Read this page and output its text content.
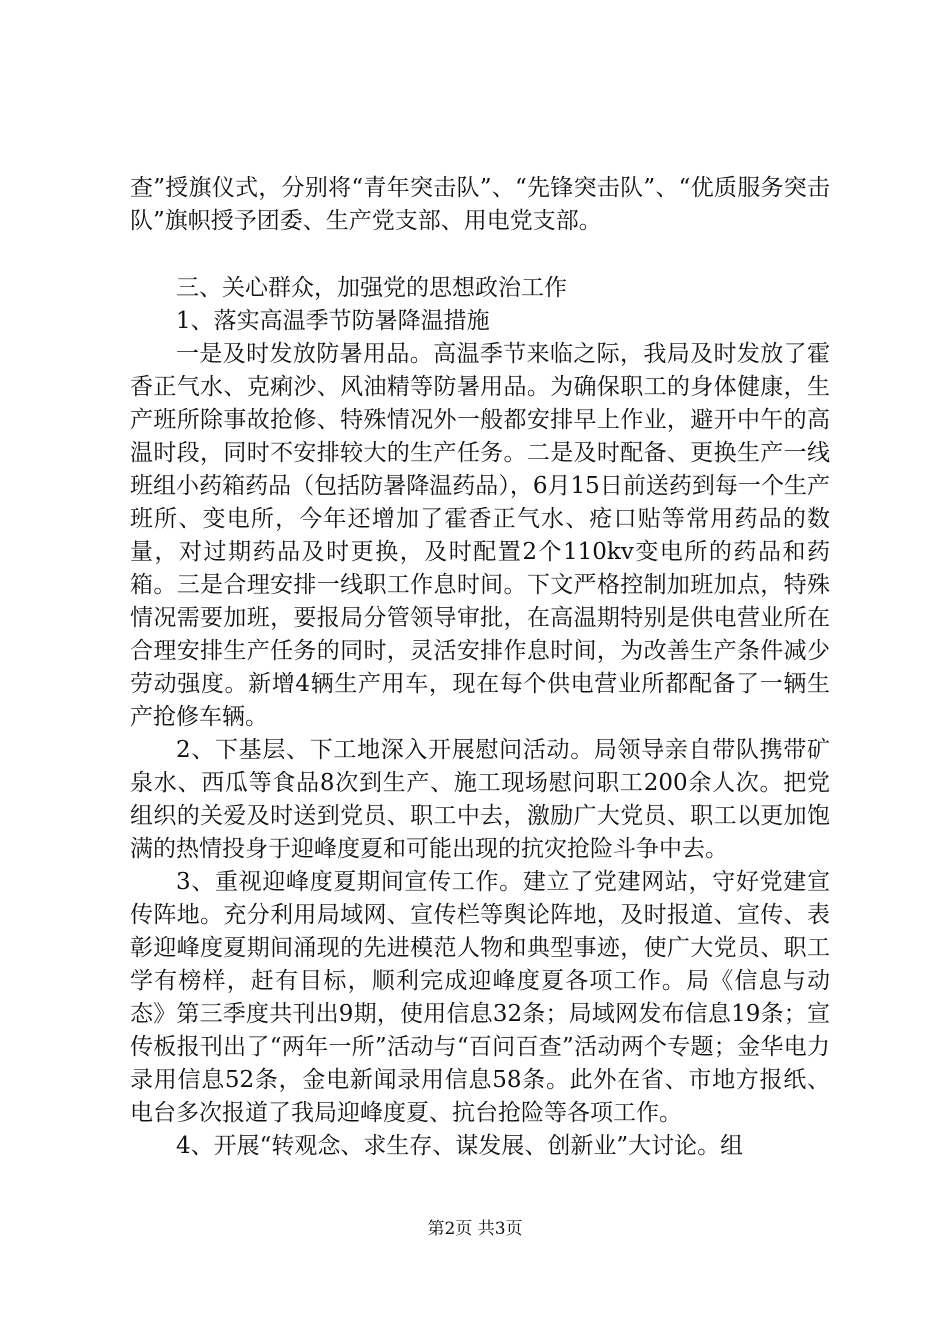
查”授旗仪式，分别将“青年突击队”、“先锋突击队”、“优质服务突击队”旗帜授予团委、生产党支部、用电党支部。

三、关心群众，加强党的思想政治工作

1、落实高温季节防暑降温措施

一是及时发放防暑用品。高温季节来临之际，我局及时发放了霍香正气水、克痢沙、风油精等防暑用品。为确保职工的身体健康，生产班所除事故抢修、特殊情况外一般都安排早上作业，避开中午的高温时段，同时不安排较大的生产任务。二是及时配备、更换生产一线班组小药箱药品（包括防暑降温药品），6月15日前送药到每一个生产班所、变电所，今年还增加了霍香正气水、疮口贴等常用药品的数量，对过期药品及时更换，及时配置2个110kv变电所的药品和药箱。三是合理安排一线职工作息时间。下文严格控制加班加点，特殊情况需要加班，要报局分管领导审批，在高温期特别是供电营业所在合理安排生产任务的同时，灵活安排作息时间，为改善生产条件减少劳动强度。新增4辆生产用车，现在每个供电营业所都配备了一辆生产抢修车辆。

2、下基层、下工地深入开展慰问活动。局领导亲自带队携带矿泉水、西瓜等食品8次到生产、施工现场慰问职工200余人次。把党组织的关爱及时送到党员、职工中去，激励广大党员、职工以更加饱满的热情投身于迎峰度夏和可能出现的抗灾抢险斗争中去。

3、重视迎峰度夏期间宣传工作。建立了党建网站，守好党建宣传阵地。充分利用局域网、宣传栏等舆论阵地，及时报道、宣传、表彰迎峰度夏期间涌现的先进模范人物和典型事迹，使广大党员、职工学有榜样，赶有目标，顺利完成迎峰度夏各项工作。局《信息与动态》第三季度共刊出9期，使用信息32条；局域网发布信息19条；宣传板报刊出了“两年一所”活动与“百问百查”活动两个专题；金华电力录用信息52条，金电新闻录用信息58条。此外在省、市地方报纸、电台多次报道了我局迎峰度夏、抗台抢险等各项工作。

4、开展“转观念、求生存、谋发展、创新业”大讨论。组

第2页 共3页
